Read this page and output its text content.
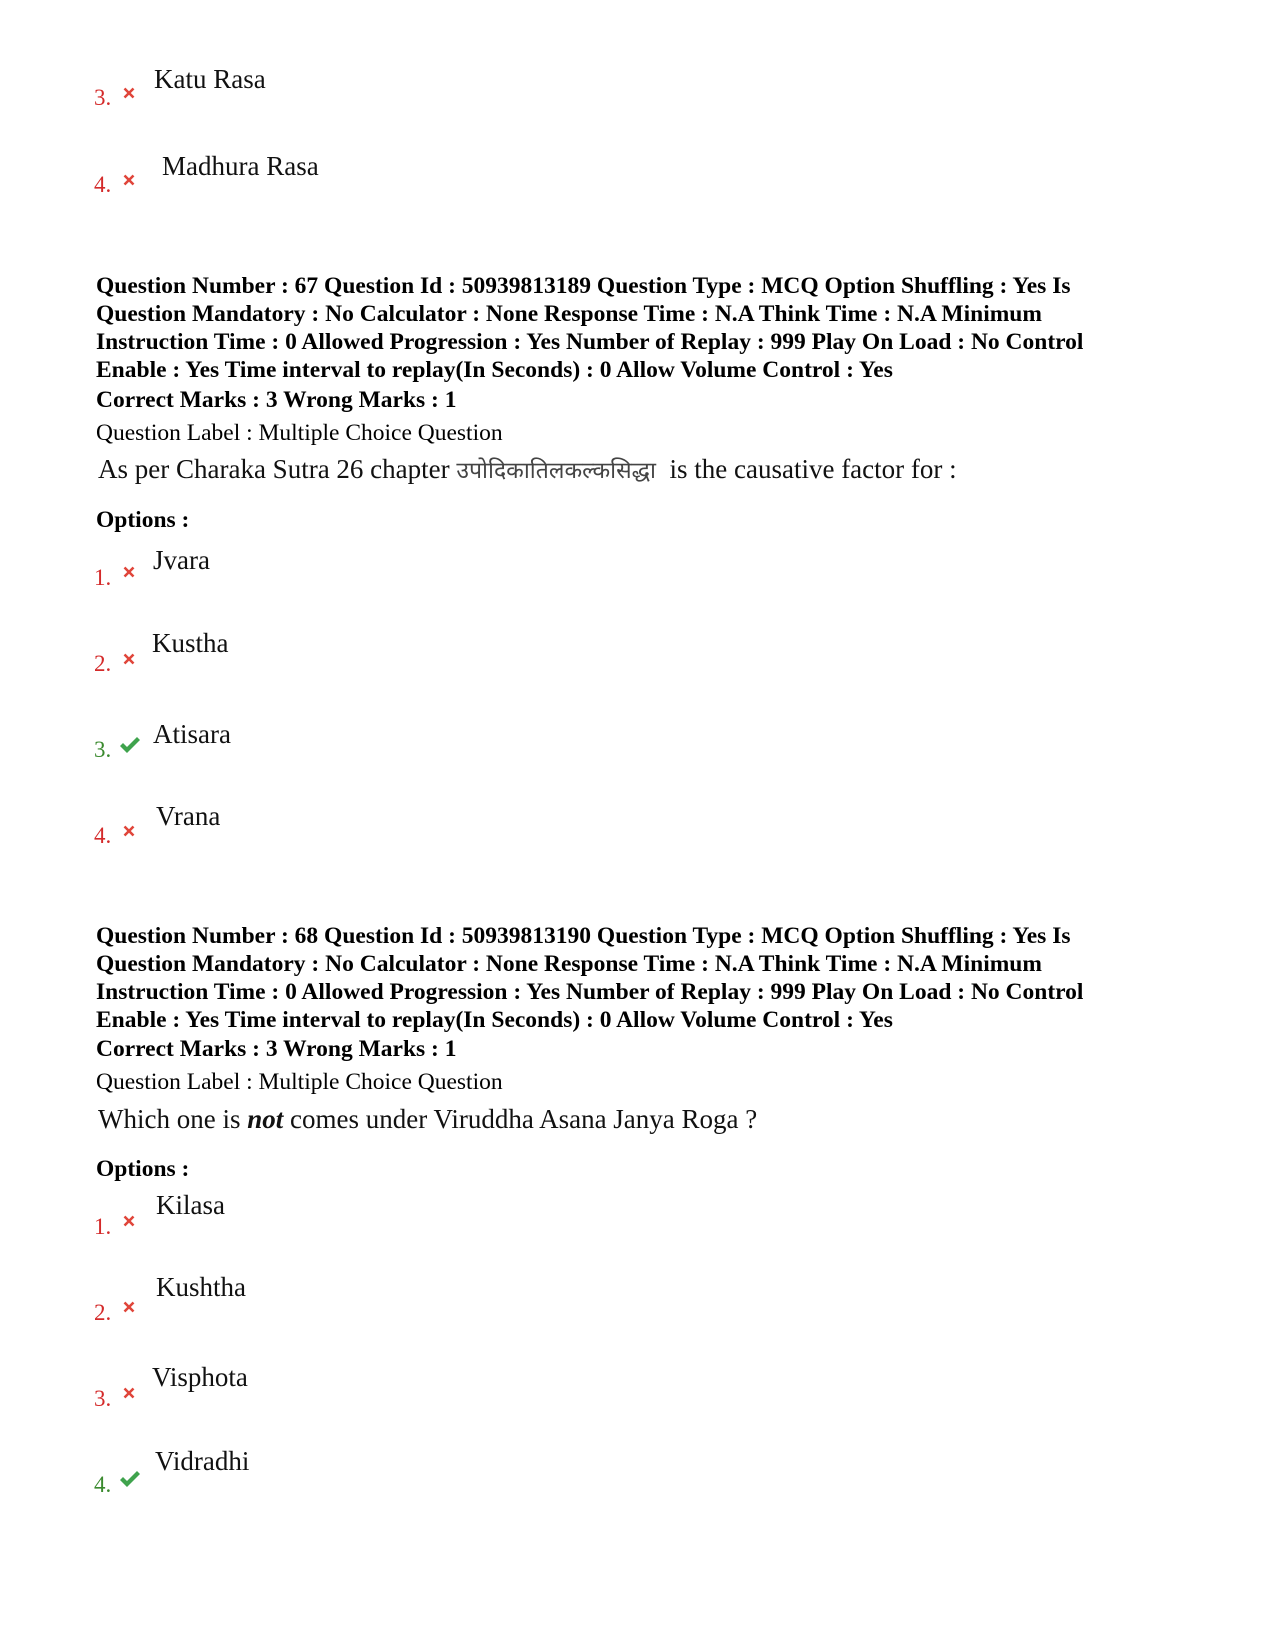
3.
Katu Rasa
4.
Madhura Rasa
Question Number : 67 Question Id : 50939813189 Question Type : MCQ Option Shuffling : Yes Is
Question Mandatory : No Calculator : None Response Time : N.A Think Time : N.A Minimum
Instruction Time : 0 Allowed Progression : Yes Number of Replay : 999 Play On Load : No Control
Enable : Yes Time interval to replay(In Seconds) : 0 Allow Volume Control : Yes
Correct Marks : 3 Wrong Marks : 1
Question Label : Multiple Choice Question
As per Charaka Sutra 26 chapter उपोदिकातिलकल्कसिद्धा  is the causative factor for :
Options :
1.
Jvara
2.
Kustha
3.
Atisara
4.
Vrana
Question Number : 68 Question Id : 50939813190 Question Type : MCQ Option Shuffling : Yes Is
Question Mandatory : No Calculator : None Response Time : N.A Think Time : N.A Minimum
Instruction Time : 0 Allowed Progression : Yes Number of Replay : 999 Play On Load : No Control
Enable : Yes Time interval to replay(In Seconds) : 0 Allow Volume Control : Yes
Correct Marks : 3 Wrong Marks : 1
Question Label : Multiple Choice Question
Which one is not comes under Viruddha Asana Janya Roga ?
Options :
1.
Kilasa
2.
Kushtha
3.
Visphota
4.
Vidradhi
